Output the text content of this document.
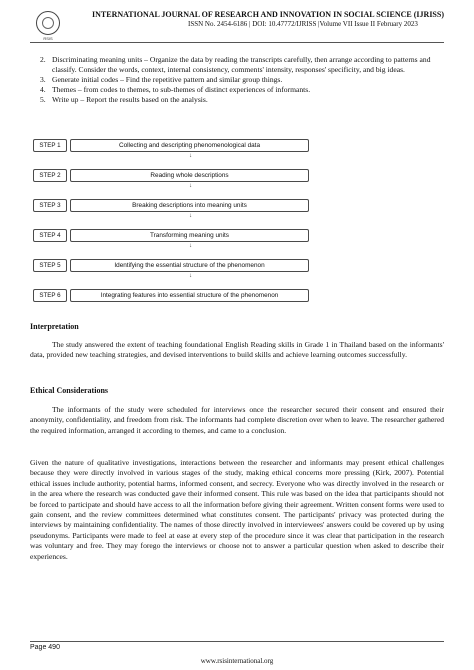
RSIS
INTERNATIONAL JOURNAL OF RESEARCH AND INNOVATION IN SOCIAL SCIENCE (IJRISS)
ISSN No. 2454-6186 | DOI: 10.47772/IJRISS |Volume VII Issue II February 2023
2. Discriminating meaning units – Organize the data by reading the transcripts carefully, then arrange according to patterns and classify. Consider the words, context, internal consistency, comments' intensity, responses' specificity, and big ideas.
3. Generate initial codes – Find the repetitive pattern and similar group things.
4. Themes – from codes to themes, to sub-themes of distinct experiences of informants.
5. Write up – Report the results based on the analysis.
STEP 1	Collecting and descripting phenomenological data
↓
STEP 2	Reading whole descriptions
↓
STEP 3	Breaking descriptions into meaning units
↓
STEP 4	Transforming meaning units
↓
STEP 5	Identifying the essential structure of the phenomenon
↓
STEP 6	Integrating features into essential structure of the phenomenon
Interpretation
The study answered the extent of teaching foundational English Reading skills in Grade 1 in Thailand based on the informants' data, provided new teaching strategies, and devised interventions to build skills and achieve learning outcomes successfully.
Ethical Considerations
The informants of the study were scheduled for interviews once the researcher secured their consent and ensured their anonymity, confidentiality, and freedom from risk. The informants had complete discretion over when to leave. The researcher gathered the required information, arranged it according to themes, and came to a conclusion.
Given the nature of qualitative investigations, interactions between the researcher and informants may present ethical challenges because they were directly involved in various stages of the study, making ethical concerns more pressing (Kirk, 2007). Potential ethical issues include authority, potential harms, informed consent, and secrecy. Everyone who was directly involved in the research or in the area where the research was conducted gave their informed consent. This rule was based on the idea that participants should not be forced to participate and should have access to all the information before giving their agreement. Written consent forms were used to gain consent, and the review committees determined what constitutes consent. The participants' privacy was protected during the interviews by maintaining confidentiality. The names of those directly involved in interviewees' answers could be covered up by using pseudonyms. Participants were made to feel at ease at every step of the procedure since it was clear that participation in the research was voluntary and free. They may forego the interviews or choose not to answer a particular question when asked to describe their experiences.
Page 490
www.rsisinternational.org
